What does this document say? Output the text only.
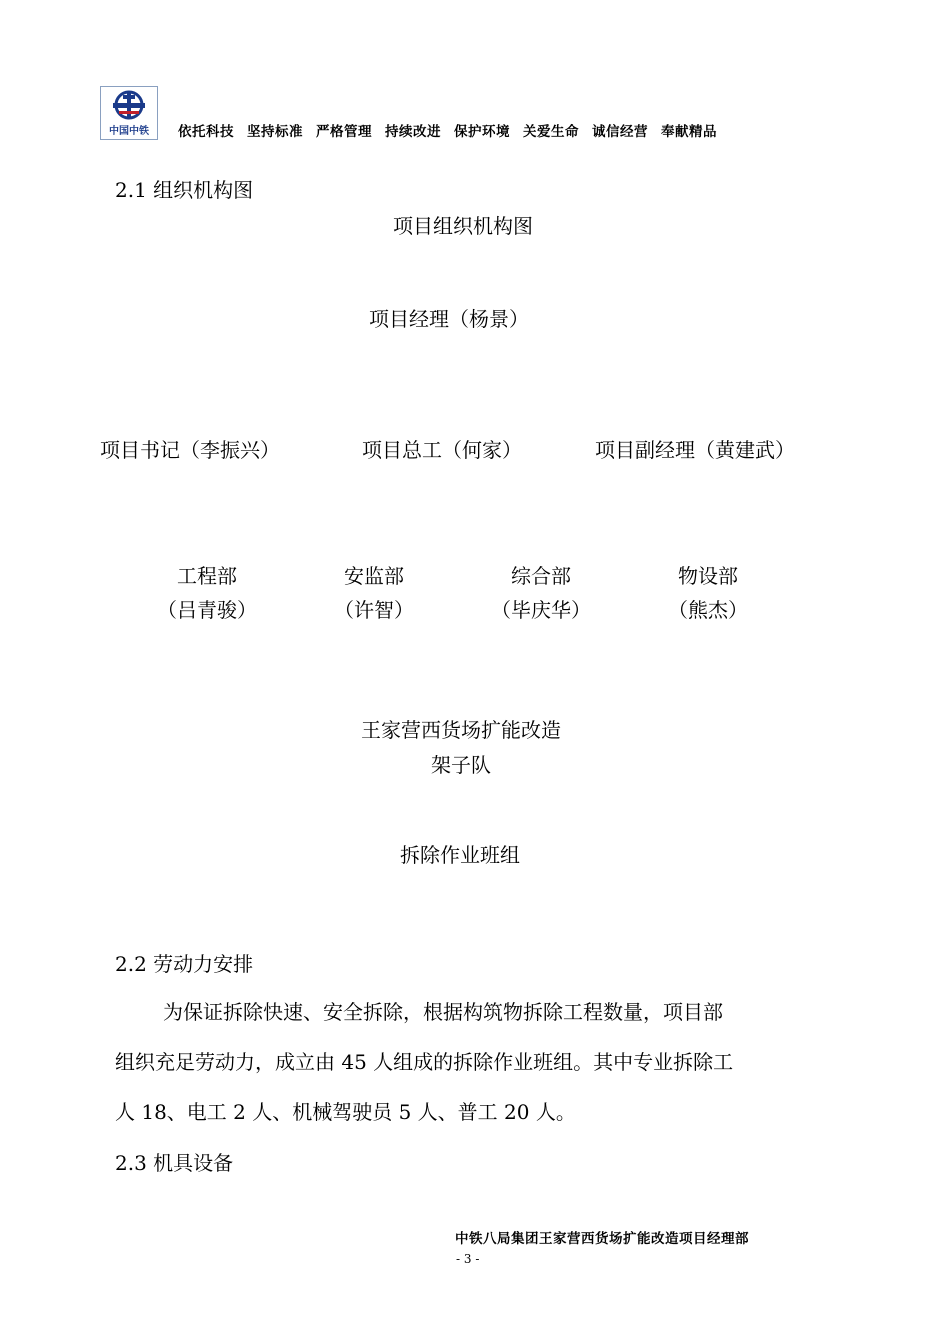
中国中铁	依托科技 坚持标准 严格管理 持续改进 保护环境 关爱生命 诚信经营 奉献精品
2.1 组织机构图
项目组织机构图
项目经理（杨景）
项目书记（李振兴）	项目总工（何家）	项目副经理（黄建武）
工程部
（吕青骏）
安监部
（许智）
综合部
（毕庆华）
物设部
（熊杰）
王家营西货场扩能改造
架子队
拆除作业班组
2.2 劳动力安排
为保证拆除快速、安全拆除，根据构筑物拆除工程数量，项目部
组织充足劳动力，成立由 45 人组成的拆除作业班组。其中专业拆除工
人 18、电工 2 人、机械驾驶员 5 人、普工 20 人。
2.3 机具设备
中铁八局集团王家营西货场扩能改造项目经理部
- 3 -
